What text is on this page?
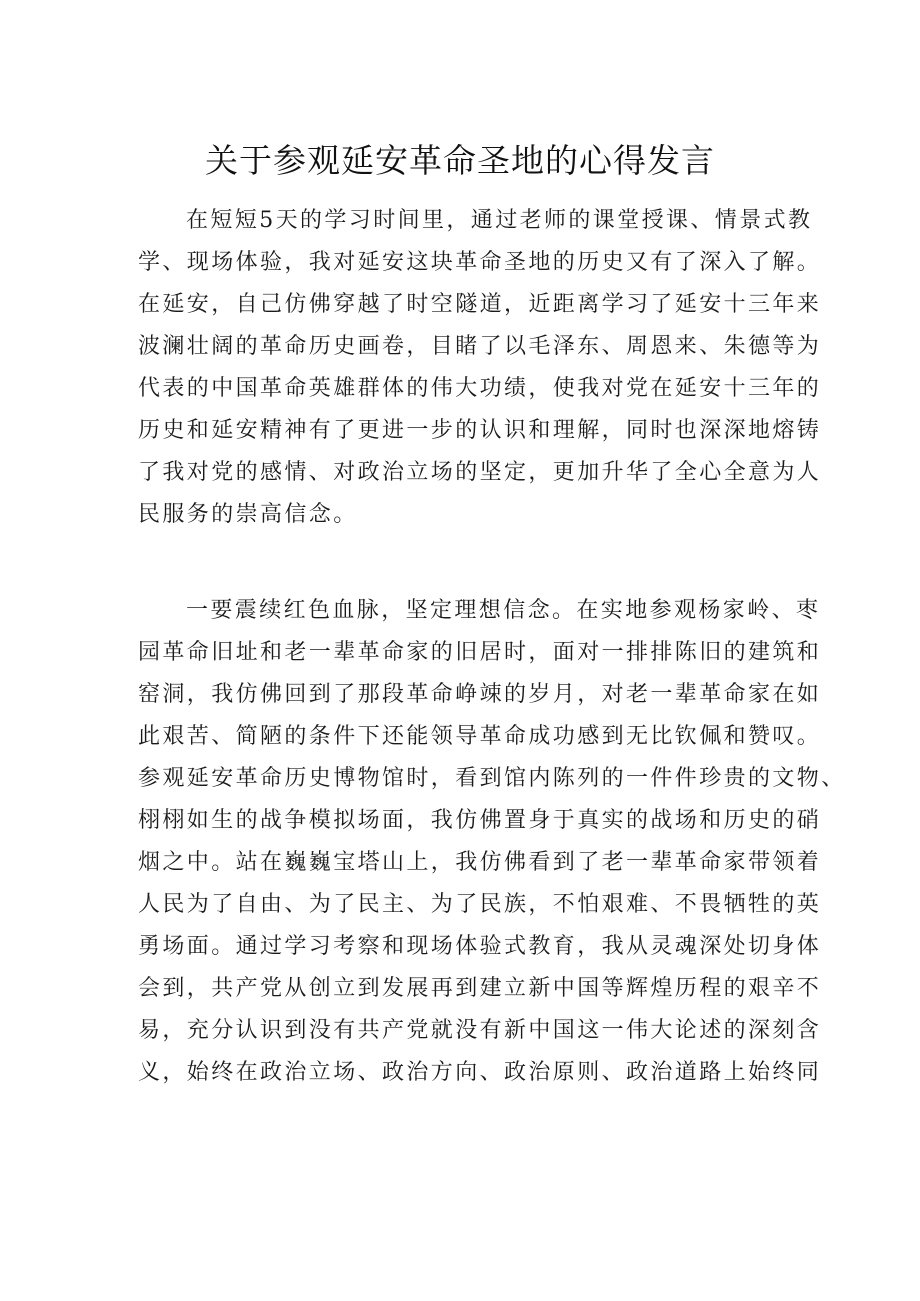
关于参观延安革命圣地的心得发言
在短短5天的学习时间里，通过老师的课堂授课、情景式教
学、现场体验，我对延安这块革命圣地的历史又有了深入了解。
在延安，自己仿佛穿越了时空隧道，近距离学习了延安十三年来
波澜壮阔的革命历史画卷，目睹了以毛泽东、周恩来、朱德等为
代表的中国革命英雄群体的伟大功绩，使我对党在延安十三年的
历史和延安精神有了更进一步的认识和理解，同时也深深地熔铸
了我对党的感情、对政治立场的坚定，更加升华了全心全意为人
民服务的崇高信念。
一要震续红色血脉，坚定理想信念。在实地参观杨家岭、枣
园革命旧址和老一辈革命家的旧居时，面对一排排陈旧的建筑和
窑洞，我仿佛回到了那段革命峥竦的岁月，对老一辈革命家在如
此艰苦、简陋的条件下还能领导革命成功感到无比钦佩和赞叹。
参观延安革命历史博物馆时，看到馆内陈列的一件件珍贵的文物、
栩栩如生的战争模拟场面，我仿佛置身于真实的战场和历史的硝
烟之中。站在巍巍宝塔山上，我仿佛看到了老一辈革命家带领着
人民为了自由、为了民主、为了民族，不怕艰难、不畏牺牲的英
勇场面。通过学习考察和现场体验式教育，我从灵魂深处切身体
会到，共产党从创立到发展再到建立新中国等辉煌历程的艰辛不
易，充分认识到没有共产党就没有新中国这一伟大论述的深刻含
义，始终在政治立场、政治方向、政治原则、政治道路上始终同
